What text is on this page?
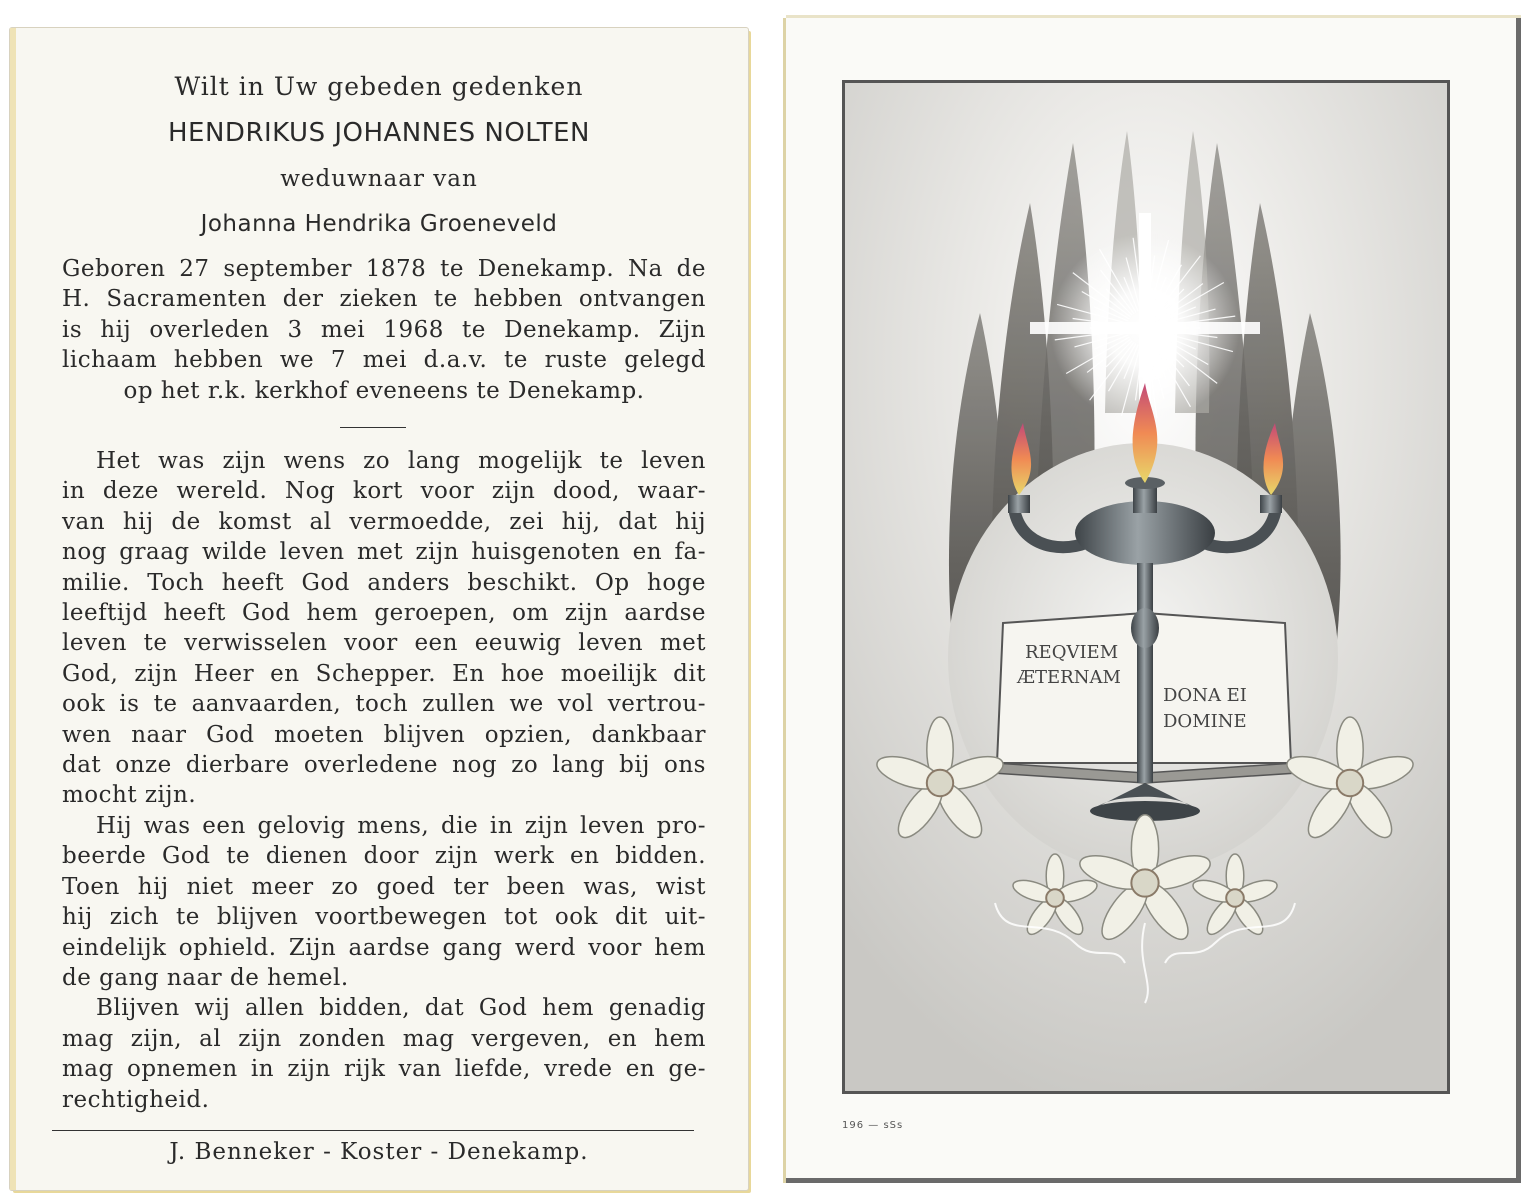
Wilt in Uw gebeden gedenken
HENDRIKUS JOHANNES NOLTEN
weduwnaar van
Johanna Hendrika Groeneveld
Geboren 27 september 1878 te Denekamp. Na de
H. Sacramenten der zieken te hebben ontvangen
is hij overleden 3 mei 1968 te Denekamp. Zijn
lichaam hebben we 7 mei d.a.v. te ruste gelegd
op het r.k. kerkhof eveneens te Denekamp.
Het was zijn wens zo lang mogelijk te leven
in deze wereld. Nog kort voor zijn dood, waar-
van hij de komst al vermoedde, zei hij, dat hij
nog graag wilde leven met zijn huisgenoten en fa-
milie. Toch heeft God anders beschikt. Op hoge
leeftijd heeft God hem geroepen, om zijn aardse
leven te verwisselen voor een eeuwig leven met
God, zijn Heer en Schepper. En hoe moeilijk dit
ook is te aanvaarden, toch zullen we vol vertrou-
wen naar God moeten blijven opzien, dankbaar
dat onze dierbare overledene nog zo lang bij ons
mocht zijn.
Hij was een gelovig mens, die in zijn leven pro-
beerde God te dienen door zijn werk en bidden.
Toen hij niet meer zo goed ter been was, wist
hij zich te blijven voortbewegen tot ook dit uit-
eindelijk ophield. Zijn aardse gang werd voor hem
de gang naar de hemel.
Blijven wij allen bidden, dat God hem genadig
mag zijn, al zijn zonden mag vergeven, en hem
mag opnemen in zijn rijk van liefde, vrede en ge-
rechtigheid.
J. Benneker - Koster - Denekamp.
REQVIEM
ÆTERNAM
DONA EI
DOMINE
196 — sSs
